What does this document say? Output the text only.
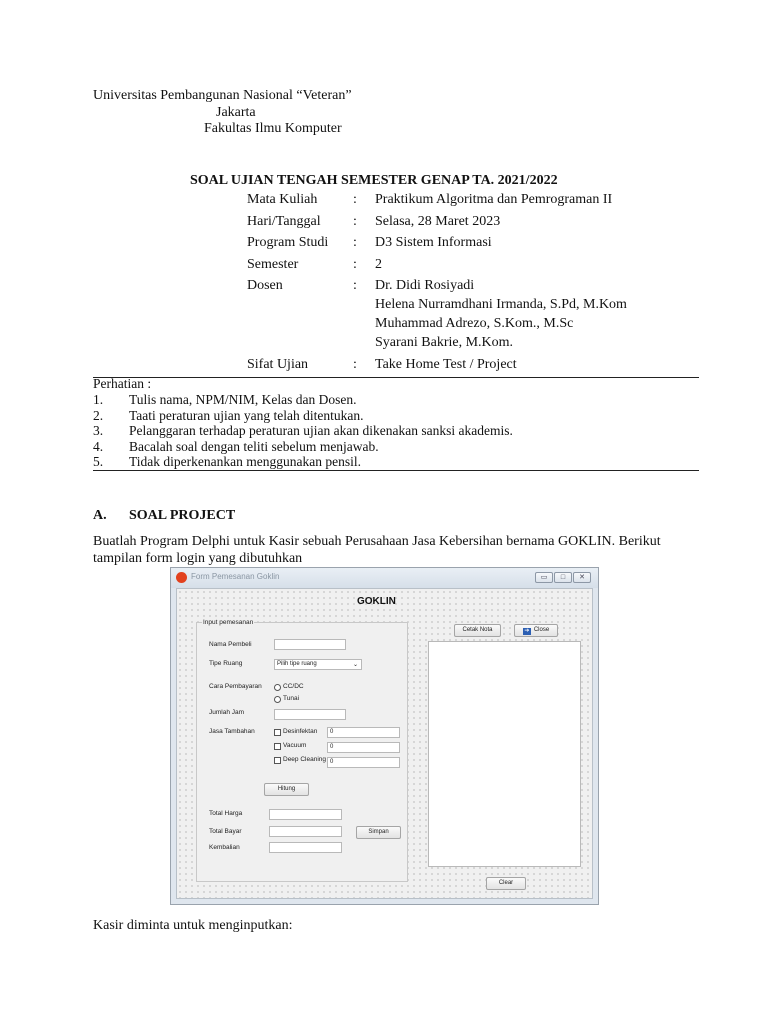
Universitas Pembangunan Nasional “Veteran”
Jakarta
Fakultas Ilmu Komputer
SOAL UJIAN TENGAH SEMESTER GENAP TA. 2021/2022
Mata Kuliah	: Praktikum Algoritma dan Pemrograman II
Hari/Tanggal : Selasa, 28 Maret 2023
Program Studi : D3 Sistem Informasi
Semester	: 2
Dosen	: Dr. Didi Rosiyadi
Helena Nurramdhani Irmanda, S.Pd, M.Kom
Muhammad Adrezo, S.Kom., M.Sc
Syarani Bakrie, M.Kom.
Sifat Ujian	: Take Home Test / Project
Perhatian :
1. Tulis nama, NPM/NIM, Kelas dan Dosen.
2. Taati peraturan ujian yang telah ditentukan.
3. Pelanggaran terhadap peraturan ujian akan dikenakan sanksi akademis.
4. Bacalah soal dengan teliti sebelum menjawab.
5. Tidak diperkenankan menggunakan pensil.
A. SOAL PROJECT
Buatlah Program Delphi untuk Kasir sebuah Perusahaan Jasa Kebersihan bernama GOKLIN. Berikut
tampilan form login yang dibutuhkan
Form Pemesanan Goklin	▭	□	✕
GOKLIN
Input pemesanan
Nama Pembeli
Tipe Ruang	Pilih tipe ruang	⌄
Cara Pembayaran	CC/DC
Tunai
Jumlah Jam
Jasa Tambahan	Desinfektan	0
Vacuum	0
Deep Cleaning 0
Hitung
Total Harga
Total Bayar	Simpan
Kembalian
Cetak Nota	➔ Close
Clear
Kasir diminta untuk menginputkan:
